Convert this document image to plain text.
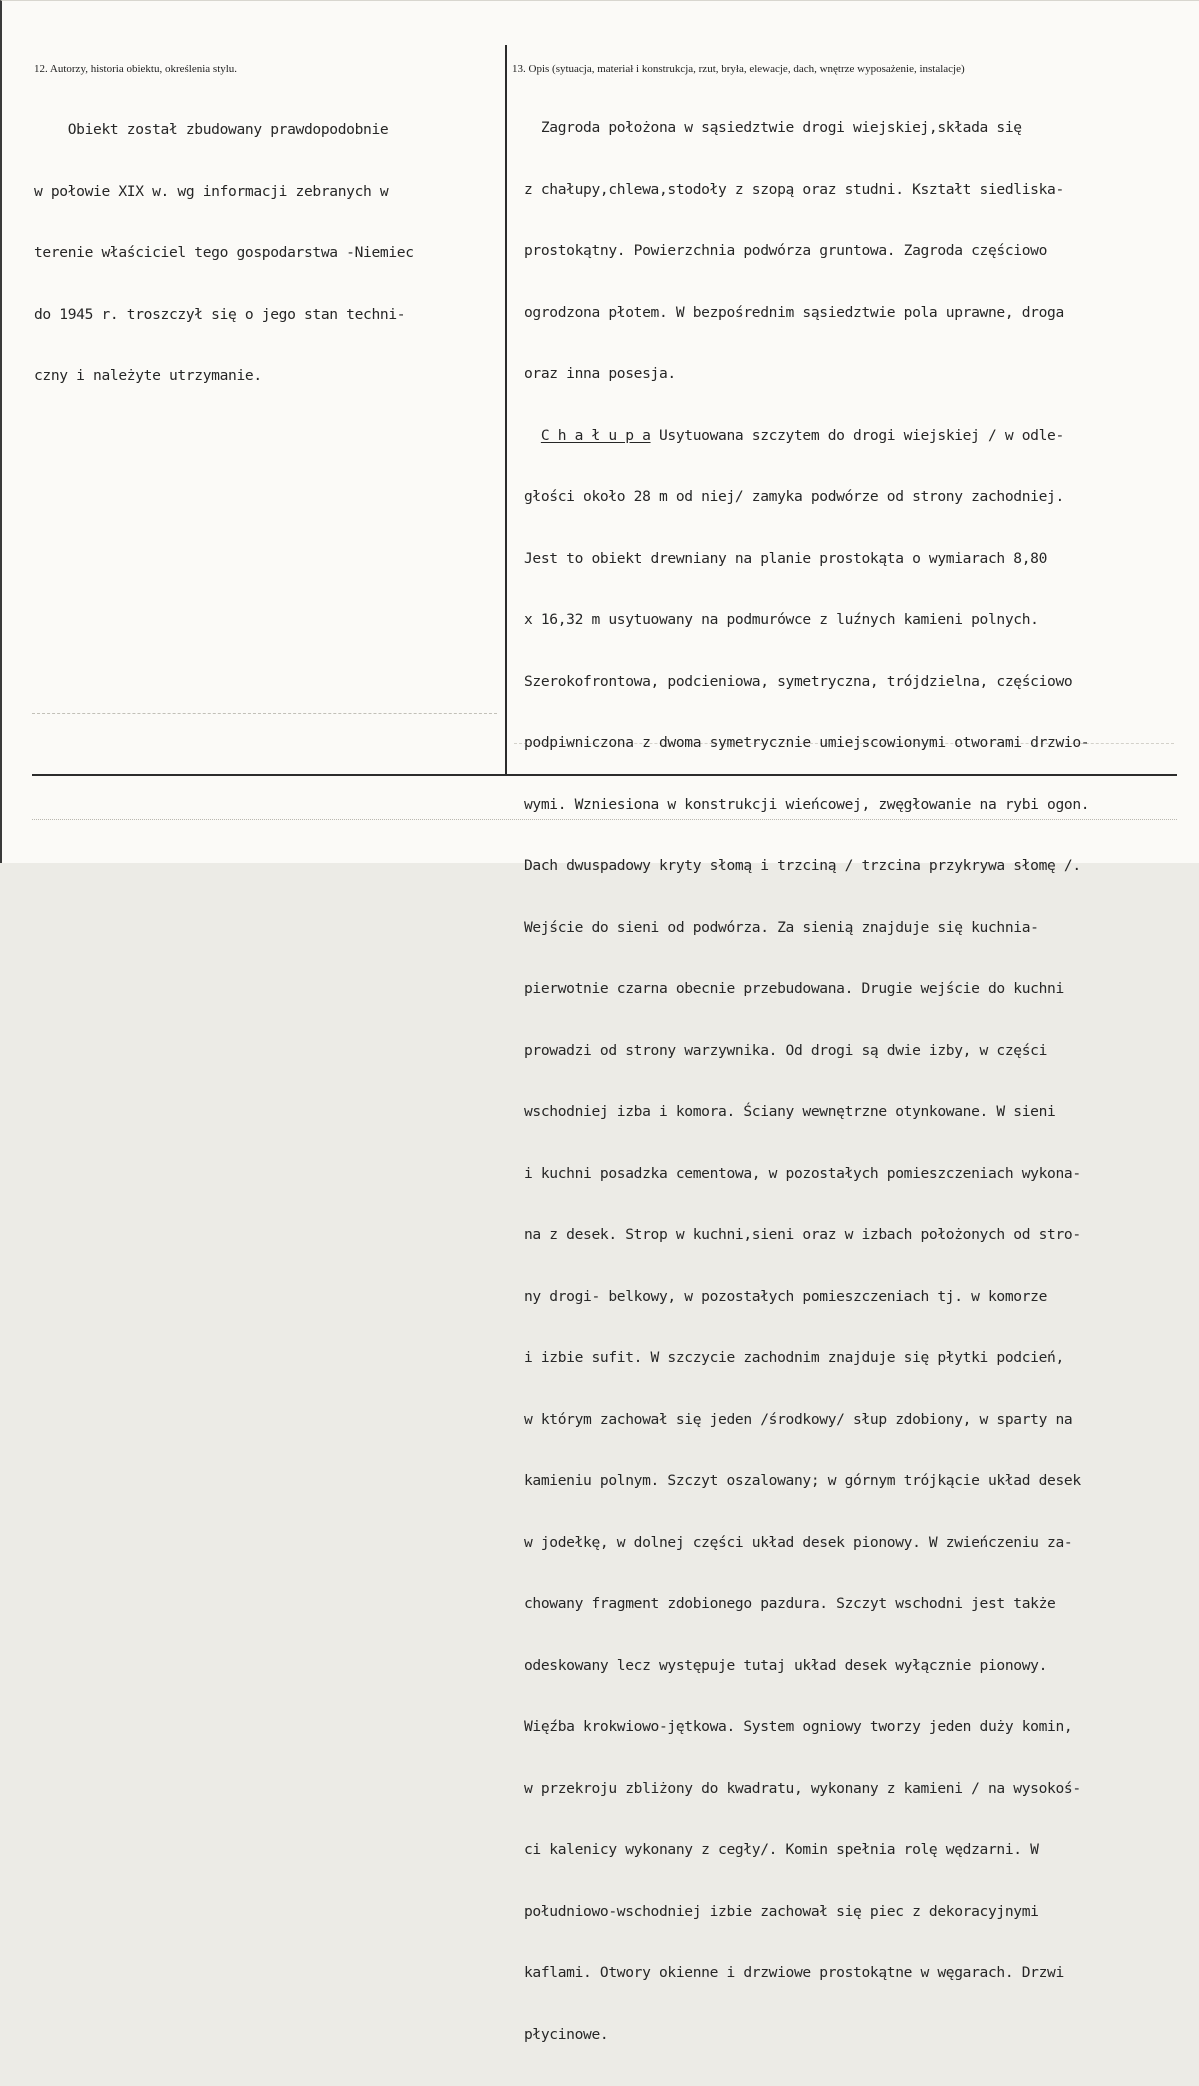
12. Autorzy, historia obiektu, określenia stylu.

Obiekt został zbudowany prawdopodobnie

w połowie XIX w. wg informacji zebranych w

terenie właściciel tego gospodarstwa -Niemiec

do 1945 r. troszczył się o jego stan techni-

czny i należyte utrzymanie.

13. Opis (sytuacja, materiał i konstrukcja, rzut, bryła, elewacje, dach, wnętrze wyposażenie, instalacje)

Zagroda położona w sąsiedztwie drogi wiejskiej,składa się

z chałupy,chlewa,stodoły z szopą oraz studni. Kształt siedliska-

prostokątny. Powierzchnia podwórza gruntowa. Zagroda częściowo

ogrodzona płotem. W bezpośrednim sąsiedztwie pola uprawne, droga

oraz inna posesja.

C h a ł u p a Usytuowana szczytem do drogi wiejskiej / w odle-

głości około 28 m od niej/ zamyka podwórze od strony zachodniej.

Jest to obiekt drewniany na planie prostokąta o wymiarach 8,80

x 16,32 m usytuowany na podmurówce z luźnych kamieni polnych.

Szerokofrontowa, podcieniowa, symetryczna, trójdzielna, częściowo

podpiwniczona z dwoma symetrycznie umiejscowionymi otworami drzwio-

wymi. Wzniesiona w konstrukcji wieńcowej, zwęgłowanie na rybi ogon.

Dach dwuspadowy kryty słomą i trzciną / trzcina przykrywa słomę /.

Wejście do sieni od podwórza. Za sienią znajduje się kuchnia-

pierwotnie czarna obecnie przebudowana. Drugie wejście do kuchni

prowadzi od strony warzywnika. Od drogi są dwie izby, w części

wschodniej izba i komora. Ściany wewnętrzne otynkowane. W sieni

i kuchni posadzka cementowa, w pozostałych pomieszczeniach wykona-

na z desek. Strop w kuchni,sieni oraz w izbach położonych od stro-

ny drogi- belkowy, w pozostałych pomieszczeniach tj. w komorze

i izbie sufit. W szczycie zachodnim znajduje się płytki podcień,

w którym zachował się jeden /środkowy/ słup zdobiony, w sparty na

kamieniu polnym. Szczyt oszalowany; w górnym trójkącie układ desek

w jodełkę, w dolnej części układ desek pionowy. W zwieńczeniu za-

chowany fragment zdobionego pazdura. Szczyt wschodni jest także

odeskowany lecz występuje tutaj układ desek wyłącznie pionowy.

Więźba krokwiowo-jętkowa. System ogniowy tworzy jeden duży komin,

w przekroju zbliżony do kwadratu, wykonany z kamieni / na wysokoś-

ci kalenicy wykonany z cegły/. Komin spełnia rolę wędzarni. W

południowo-wschodniej izbie zachował się piec z dekoracyjnymi

kaflami. Otwory okienne i drzwiowe prostokątne w węgarach. Drzwi

płycinowe.
